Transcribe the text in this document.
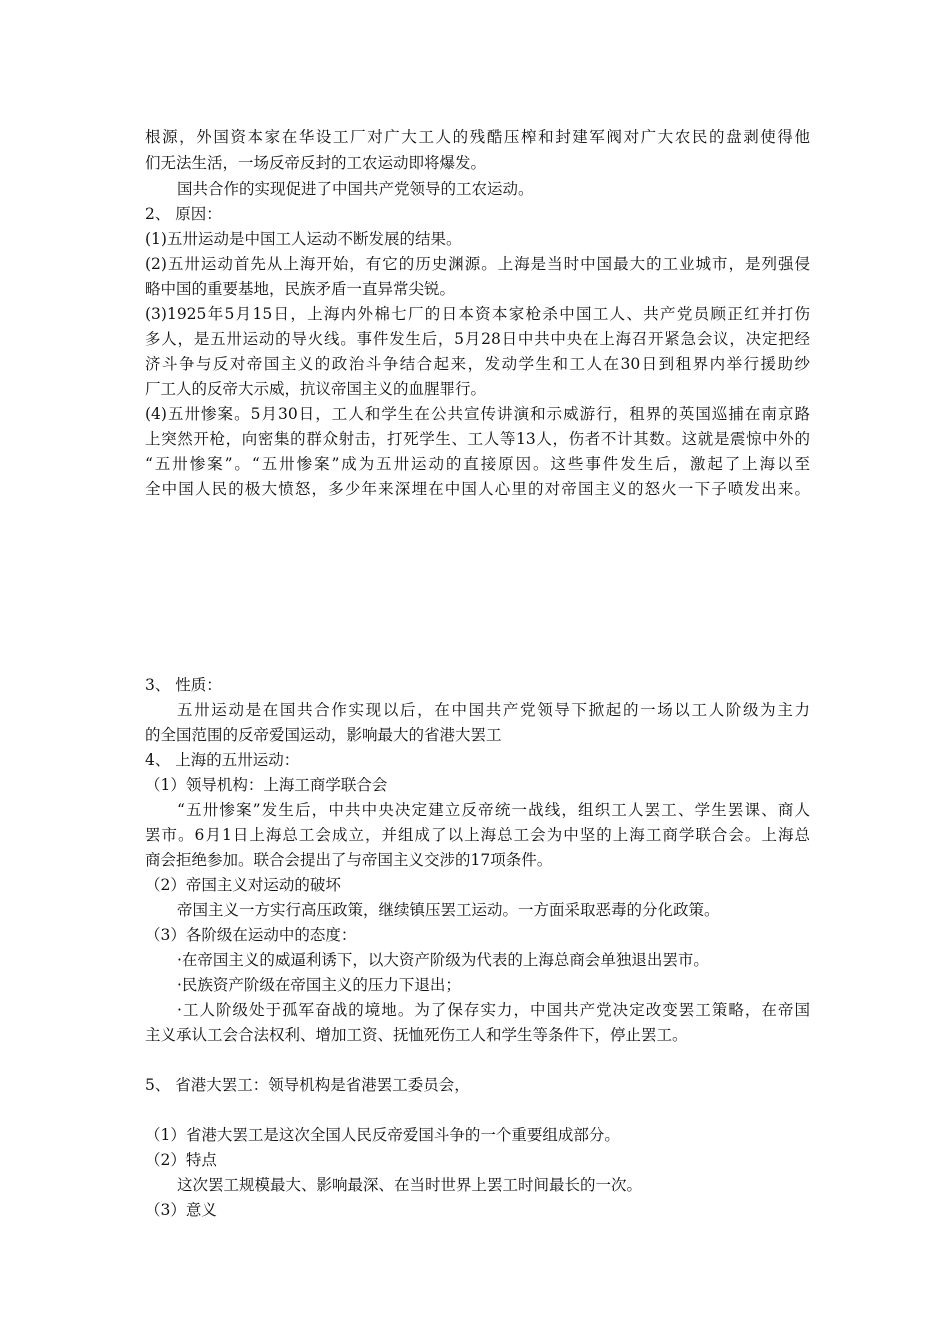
根源，外国资本家在华设工厂对广大工人的残酷压榨和封建军阀对广大农民的盘剥使得他
们无法生活，一场反帝反封的工农运动即将爆发。
国共合作的实现促进了中国共产党领导的工农运动。
2、 原因：
(1)五卅运动是中国工人运动不断发展的结果。
(2)五卅运动首先从上海开始，有它的历史渊源。上海是当时中国最大的工业城市，是列强侵
略中国的重要基地，民族矛盾一直异常尖锐。
(3)1925年5月15日，上海内外棉七厂的日本资本家枪杀中国工人、共产党员顾正红并打伤
多人，是五卅运动的导火线。事件发生后，5月28日中共中央在上海召开紧急会议，决定把经
济斗争与反对帝国主义的政治斗争结合起来，发动学生和工人在30日到租界内举行援助纱
厂工人的反帝大示威，抗议帝国主义的血腥罪行。
(4)五卅惨案。5月30日，工人和学生在公共宣传讲演和示威游行，租界的英国巡捕在南京路
上突然开枪，向密集的群众射击，打死学生、工人等13人，伤者不计其数。这就是震惊中外的
“五卅惨案”。“五卅惨案”成为五卅运动的直接原因。这些事件发生后，激起了上海以至
全中国人民的极大愤怒，多少年来深埋在中国人心里的对帝国主义的怒火一下子喷发出来。
3、 性质：
五卅运动是在国共合作实现以后，在中国共产党领导下掀起的一场以工人阶级为主力
的全国范围的反帝爱国运动，影响最大的省港大罢工
4、 上海的五卅运动：
（1）领导机构：上海工商学联合会
“五卅惨案”发生后，中共中央决定建立反帝统一战线，组织工人罢工、学生罢课、商人
罢市。6月1日上海总工会成立，并组成了以上海总工会为中坚的上海工商学联合会。上海总
商会拒绝参加。联合会提出了与帝国主义交涉的17项条件。
（2）帝国主义对运动的破坏
帝国主义一方实行高压政策，继续镇压罢工运动。一方面采取恶毒的分化政策。
（3）各阶级在运动中的态度：
·在帝国主义的威逼利诱下，以大资产阶级为代表的上海总商会单独退出罢市。
·民族资产阶级在帝国主义的压力下退出；
·工人阶级处于孤军奋战的境地。为了保存实力，中国共产党决定改变罢工策略，在帝国
主义承认工会合法权利、增加工资、抚恤死伤工人和学生等条件下，停止罢工。
5、 省港大罢工：领导机构是省港罢工委员会，
（1）省港大罢工是这次全国人民反帝爱国斗争的一个重要组成部分。
（2）特点
这次罢工规模最大、影响最深、在当时世界上罢工时间最长的一次。
（3）意义
